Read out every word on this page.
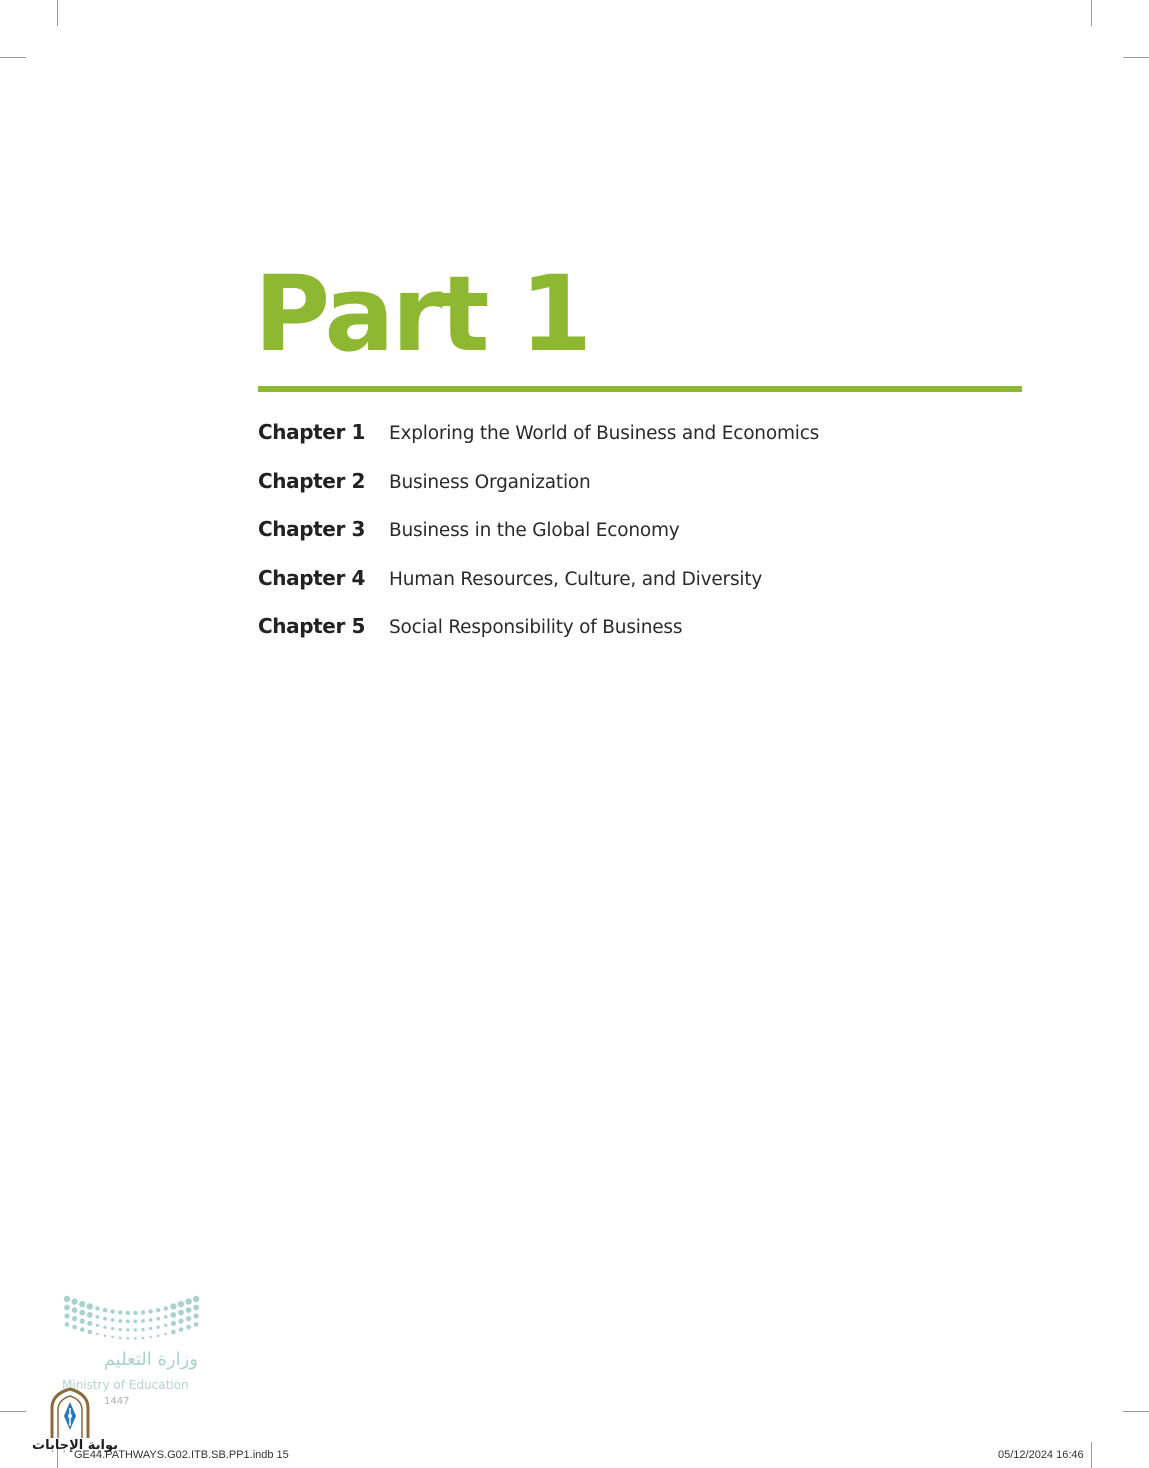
Part 1
Chapter 1	Exploring the World of Business and Economics
Chapter 2	Business Organization
Chapter 3	Business in the Global Economy
Chapter 4	Human Resources, Culture, and Diversity
Chapter 5	Social Responsibility of Business
وزارة التعليم
Ministry of Education
1447
بوابة الإجابات
GE44.PATHWAYS.G02.ITB.SB.PP1.indb 15	05/12/2024 16:46
